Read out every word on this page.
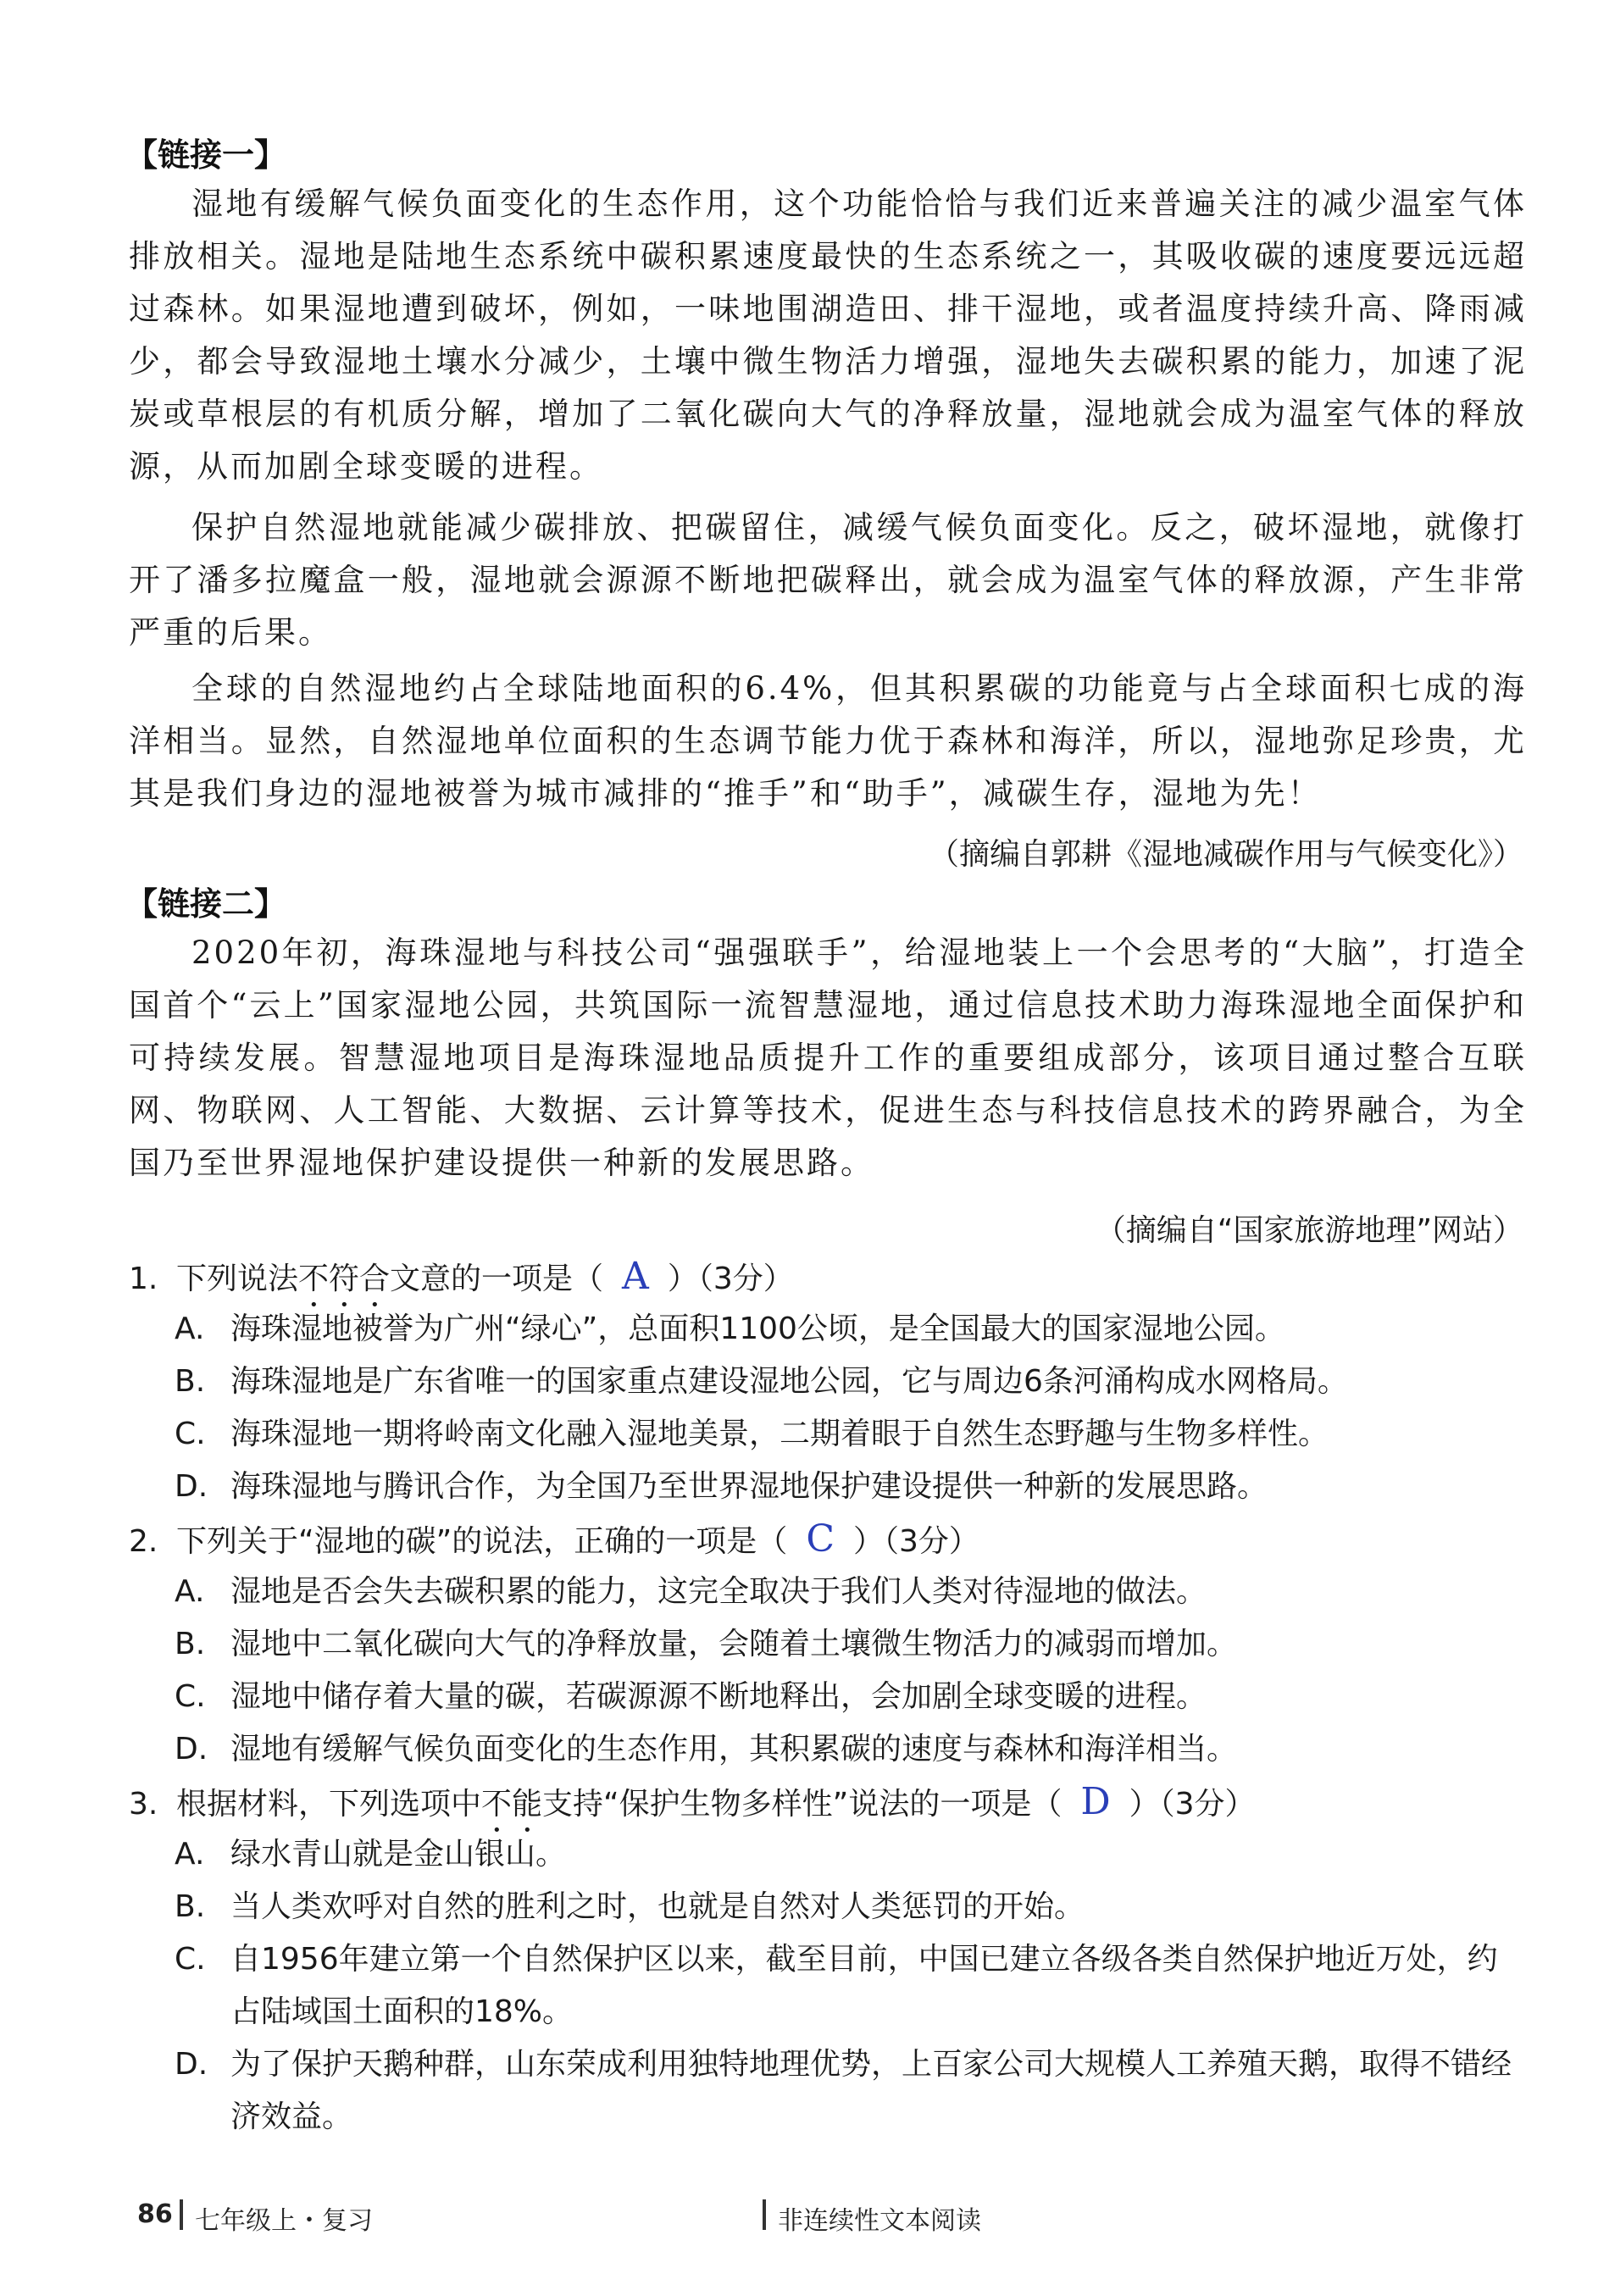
【链接一】

湿地有缓解气候负面变化的生态作用，这个功能恰恰与我们近来普遍关注的减少温室气体排放相关。湿地是陆地生态系统中碳积累速度最快的生态系统之一，其吸收碳的速度要远远超过森林。如果湿地遭到破坏，例如，一味地围湖造田、排干湿地，或者温度持续升高、降雨减少，都会导致湿地土壤水分减少，土壤中微生物活力增强，湿地失去碳积累的能力，加速了泥炭或草根层的有机质分解，增加了二氧化碳向大气的净释放量，湿地就会成为温室气体的释放源，从而加剧全球变暖的进程。

保护自然湿地就能减少碳排放、把碳留住，减缓气候负面变化。反之，破坏湿地，就像打开了潘多拉魔盒一般，湿地就会源源不断地把碳释出，就会成为温室气体的释放源，产生非常严重的后果。

全球的自然湿地约占全球陆地面积的6.4%，但其积累碳的功能竟与占全球面积七成的海洋相当。显然，自然湿地单位面积的生态调节能力优于森林和海洋，所以，湿地弥足珍贵，尤其是我们身边的湿地被誉为城市减排的“推手”和“助手”，减碳生存，湿地为先！

（摘编自郭耕《湿地减碳作用与气候变化》）
【链接二】

2020年初，海珠湿地与科技公司“强强联手”，给湿地装上一个会思考的“大脑”，打造全国首个“云上”国家湿地公园，共筑国际一流智慧湿地，通过信息技术助力海珠湿地全面保护和可持续发展。智慧湿地项目是海珠湿地品质提升工作的重要组成部分，该项目通过整合互联网、物联网、人工智能、大数据、云计算等技术，促进生态与科技信息技术的跨界融合，为全国乃至世界湿地保护建设提供一种新的发展思路。

（摘编自“国家旅游地理”网站）
1. 下列说法不符合文意的一项是（ A ）（3分）
A. 海珠湿地被誉为广州“绿心”，总面积1100公顷，是全国最大的国家湿地公园。
B. 海珠湿地是广东省唯一的国家重点建设湿地公园，它与周边6条河涌构成水网格局。
C. 海珠湿地一期将岭南文化融入湿地美景，二期着眼于自然生态野趣与生物多样性。
D. 海珠湿地与腾讯合作，为全国乃至世界湿地保护建设提供一种新的发展思路。
2. 下列关于“湿地的碳”的说法，正确的一项是（ C ）（3分）
A. 湿地是否会失去碳积累的能力，这完全取决于我们人类对待湿地的做法。
B. 湿地中二氧化碳向大气的净释放量，会随着土壤微生物活力的减弱而增加。
C. 湿地中储存着大量的碳，若碳源源不断地释出，会加剧全球变暖的进程。
D. 湿地有缓解气候负面变化的生态作用，其积累碳的速度与森林和海洋相当。
3. 根据材料，下列选项中不能支持“保护生物多样性”说法的一项是（ D ）（3分）
A. 绿水青山就是金山银山。
B. 当人类欢呼对自然的胜利之时，也就是自然对人类惩罚的开始。
C. 自1956年建立第一个自然保护区以来，截至目前，中国已建立各级各类自然保护地近万处，约占陆域国土面积的18%。
D. 为了保护天鹅种群，山东荣成利用独特地理优势，上百家公司大规模人工养殖天鹅，取得不错经济效益。
86 七年级上・复习	非连续性文本阅读
